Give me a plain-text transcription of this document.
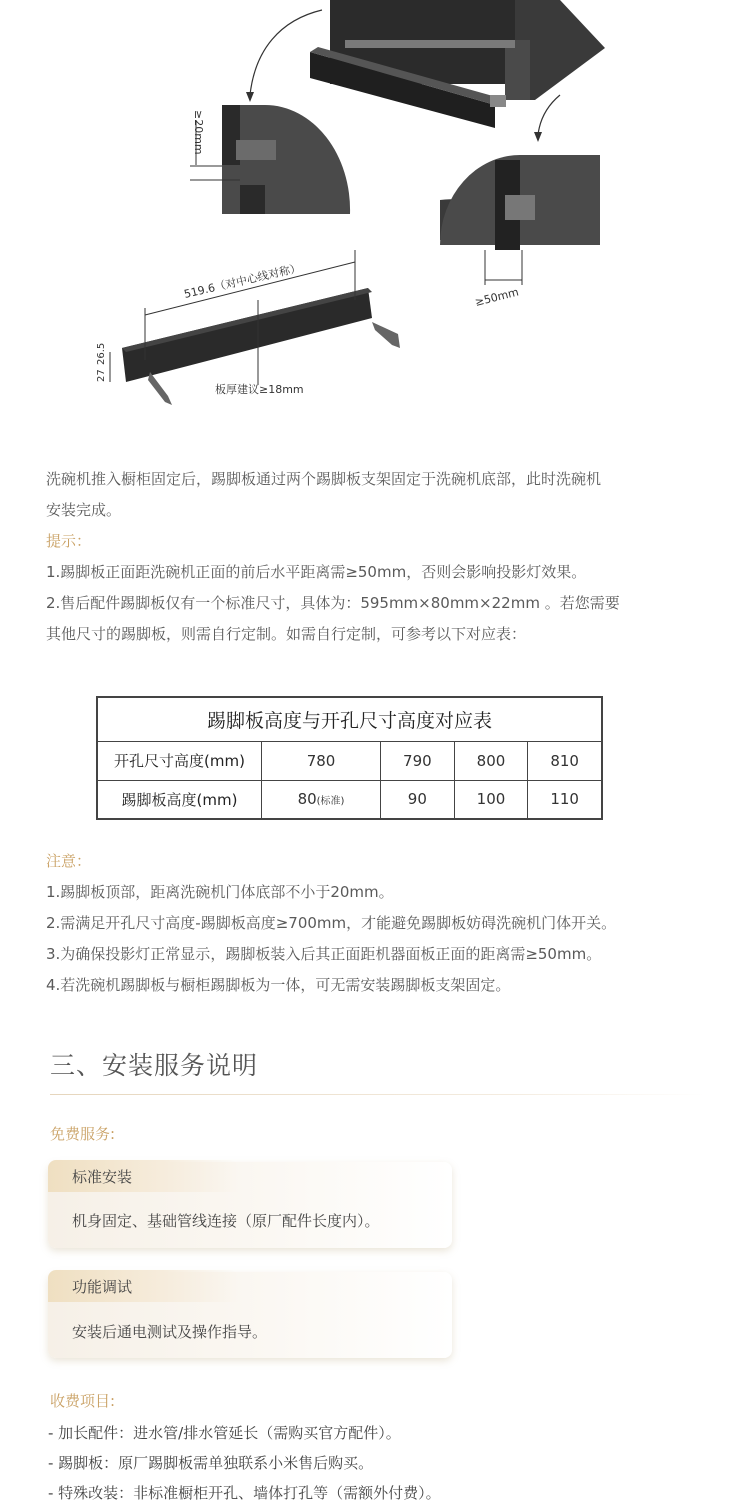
≥20mm
≥50mm
519.6（对中心线对称）
27
26.5
板厚建议≥18mm
洗碗机推入橱柜固定后，踢脚板通过两个踢脚板支架固定于洗碗机底部，此时洗碗机
安装完成。
提示：
1.踢脚板正面距洗碗机正面的前后水平距离需≥50mm，否则会影响投影灯效果。
2.售后配件踢脚板仅有一个标准尺寸，具体为：595mm×80mm×22mm 。若您需要
其他尺寸的踢脚板，则需自行定制。如需自行定制，可参考以下对应表：
踢脚板高度与开孔尺寸高度对应表				
开孔尺寸高度(mm)	780	790	800	810
踢脚板高度(mm)	80(标准)	90	100	110
注意：
1.踢脚板顶部，距离洗碗机门体底部不小于20mm。
2.需满足开孔尺寸高度-踢脚板高度≥700mm，才能避免踢脚板妨碍洗碗机门体开关。
3.为确保投影灯正常显示，踢脚板装入后其正面距机器面板正面的距离需≥50mm。
4.若洗碗机踢脚板与橱柜踢脚板为一体，可无需安装踢脚板支架固定。
三、安装服务说明
免费服务:
标准安装
机身固定、基础管线连接（原厂配件长度内）。
功能调试
安装后通电测试及操作指导。
收费项目:
- 加长配件：进水管/排水管延长（需购买官方配件）。
- 踢脚板：原厂踢脚板需单独联系小米售后购买。
- 特殊改装：非标准橱柜开孔、墙体打孔等（需额外付费）。
